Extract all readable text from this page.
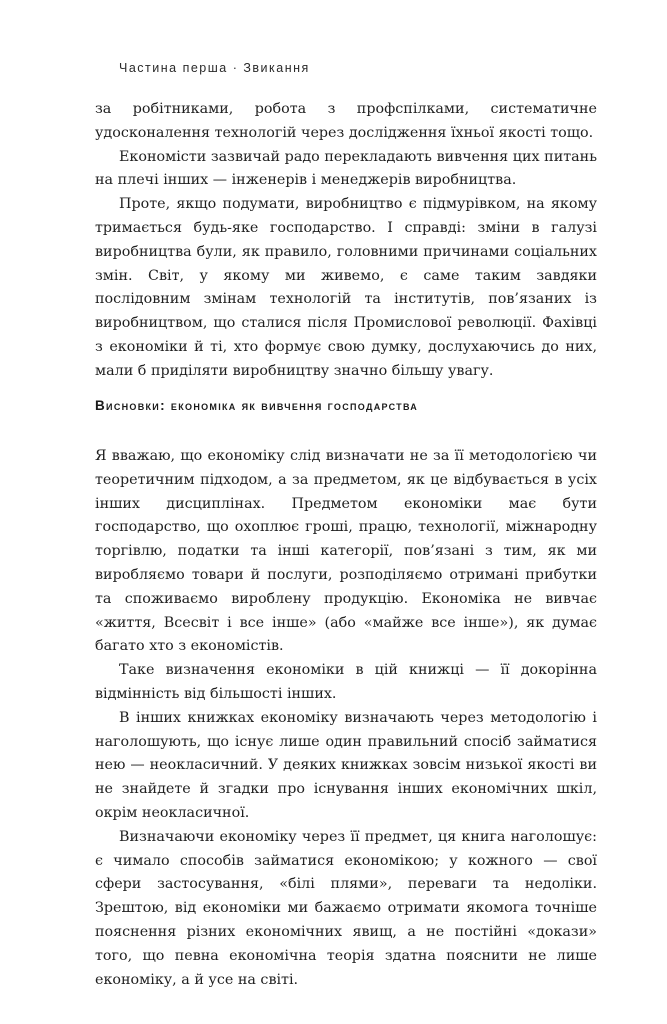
Частина перша · Звикання

за робітниками, робота з профспілками, систематичне удосконалення технологій через дослідження їхньої якості тощо.

Економісти зазвичай радо перекладають вивчення цих питань на плечі інших — інженерів і менеджерів виробництва.

Проте, якщо подумати, виробництво є підмурівком, на якому тримається будь-яке господарство. І справді: зміни в галузі виробництва були, як правило, головними причинами соціальних змін. Світ, у якому ми живемо, є саме таким завдяки послідовним змінам технологій та інститутів, пов’язаних із виробництвом, що сталися після Промислової революції. Фахівці з економіки й ті, хто формує свою думку, дослухаючись до них, мали б приділяти виробництву значно більшу увагу.

Висновки: економіка як вивчення господарства

Я вважаю, що економіку слід визначати не за її методологією чи теоретичним підходом, а за предметом, як це відбувається в усіх інших дисциплінах. Предметом економіки має бути господарство, що охоплює гроші, працю, технології, міжнародну торгівлю, податки та інші категорії, пов’язані з тим, як ми виробляємо товари й послуги, розподіляємо отримані прибутки та споживаємо вироблену продукцію. Економіка не вивчає «життя, Всесвіт і все інше» (або «майже все інше»), як думає багато хто з економістів.

Таке визначення економіки в цій книжці — її докорінна відмінність від більшості інших.

В інших книжках економіку визначають через методологію і наголошують, що існує лише один правильний спосіб займатися нею — неокласичний. У деяких книжках зовсім низької якості ви не знайдете й згадки про існування інших економічних шкіл, окрім неокласичної.

Визначаючи економіку через її предмет, ця книга наголошує: є чимало способів займатися економікою; у кожного — свої сфери застосування, «білі плями», переваги та недоліки. Зрештою, від економіки ми бажаємо отримати якомога точніше пояснення різних економічних явищ, а не постійні «докази» того, що певна економічна теорія здатна пояснити не лише економіку, а й усе на світі.
